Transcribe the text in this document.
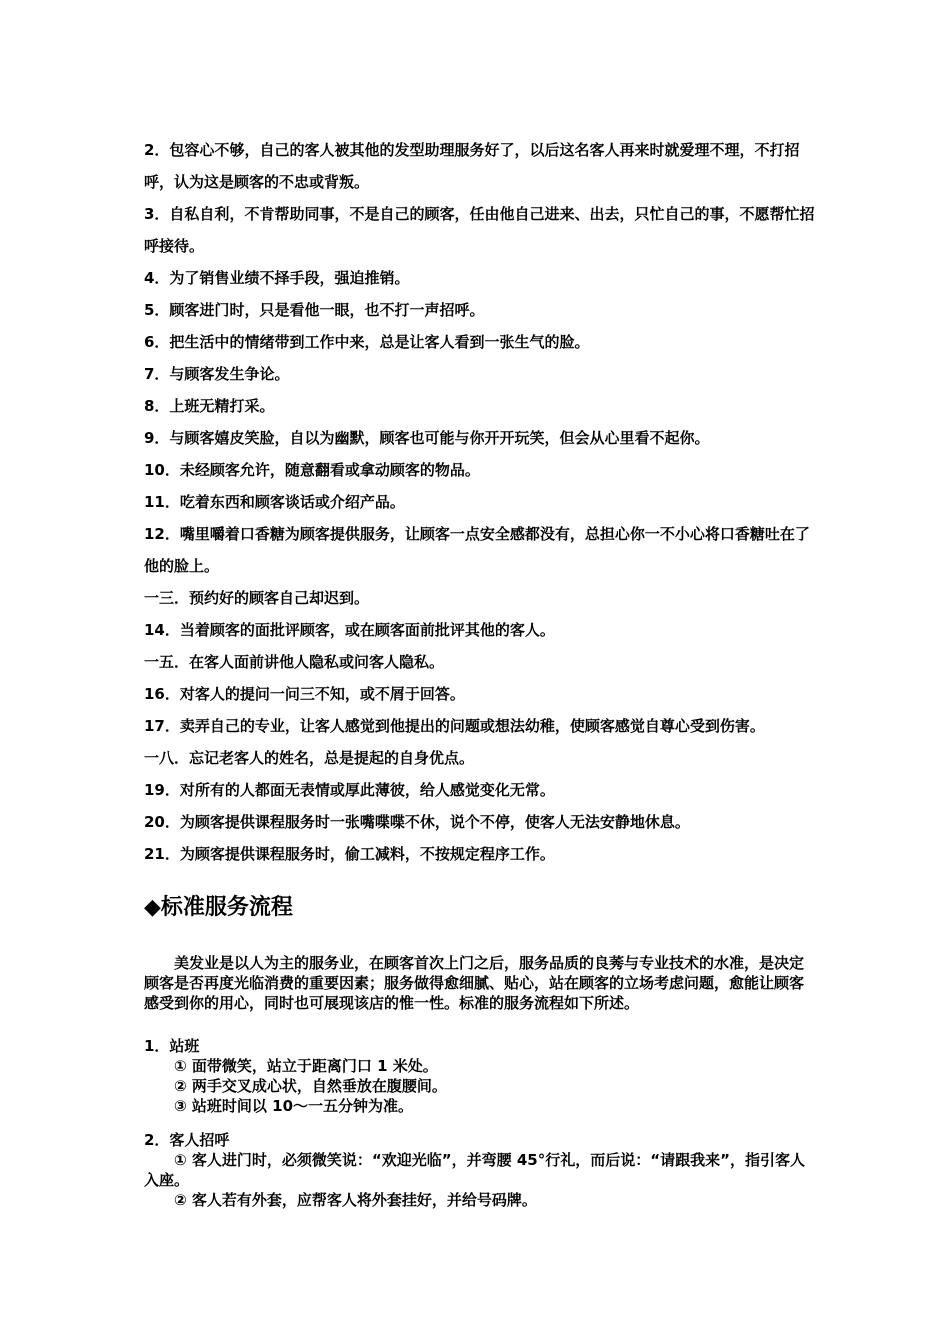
2．包容心不够，自己的客人被其他的发型助理服务好了，以后这名客人再来时就爱理不理，不打招呼，认为这是顾客的不忠或背叛。

3．自私自利，不肯帮助同事，不是自己的顾客，任由他自己进来、出去，只忙自己的事，不愿帮忙招呼接待。

4．为了销售业绩不择手段，强迫推销。

5．顾客进门时，只是看他一眼，也不打一声招呼。

6．把生活中的情绪带到工作中来，总是让客人看到一张生气的脸。

7．与顾客发生争论。

8．上班无精打采。

9．与顾客嬉皮笑脸，自以为幽默，顾客也可能与你开开玩笑，但会从心里看不起你。

10．未经顾客允许，随意翻看或拿动顾客的物品。

11．吃着东西和顾客谈话或介绍产品。

12．嘴里嚼着口香糖为顾客提供服务，让顾客一点安全感都没有，总担心你一不小心将口香糖吐在了他的脸上。

一三．预约好的顾客自己却迟到。

14．当着顾客的面批评顾客，或在顾客面前批评其他的客人。

一五．在客人面前讲他人隐私或问客人隐私。

16．对客人的提问一问三不知，或不屑于回答。

17．卖弄自己的专业，让客人感觉到他提出的问题或想法幼稚，使顾客感觉自尊心受到伤害。

一八．忘记老客人的姓名，总是提起的自身优点。

19．对所有的人都面无表情或厚此薄彼，给人感觉变化无常。

20．为顾客提供课程服务时一张嘴喋喋不休，说个不停，使客人无法安静地休息。

21．为顾客提供课程服务时，偷工减料，不按规定程序工作。

◆标准服务流程

美发业是以人为主的服务业，在顾客首次上门之后，服务品质的良莠与专业技术的水准，是决定顾客是否再度光临消费的重要因素；服务做得愈细腻、贴心，站在顾客的立场考虑问题，愈能让顾客感受到你的用心，同时也可展现该店的惟一性。标准的服务流程如下所述。

1．站班

① 面带微笑，站立于距离门口 1 米处。

② 两手交叉成心状，自然垂放在腹腰间。

③ 站班时间以 10～一五分钟为准。

2．客人招呼

① 客人进门时，必须微笑说：“欢迎光临”，并弯腰 45°行礼，而后说：“请跟我来”，指引客人入座。

② 客人若有外套，应帮客人将外套挂好，并给号码牌。
